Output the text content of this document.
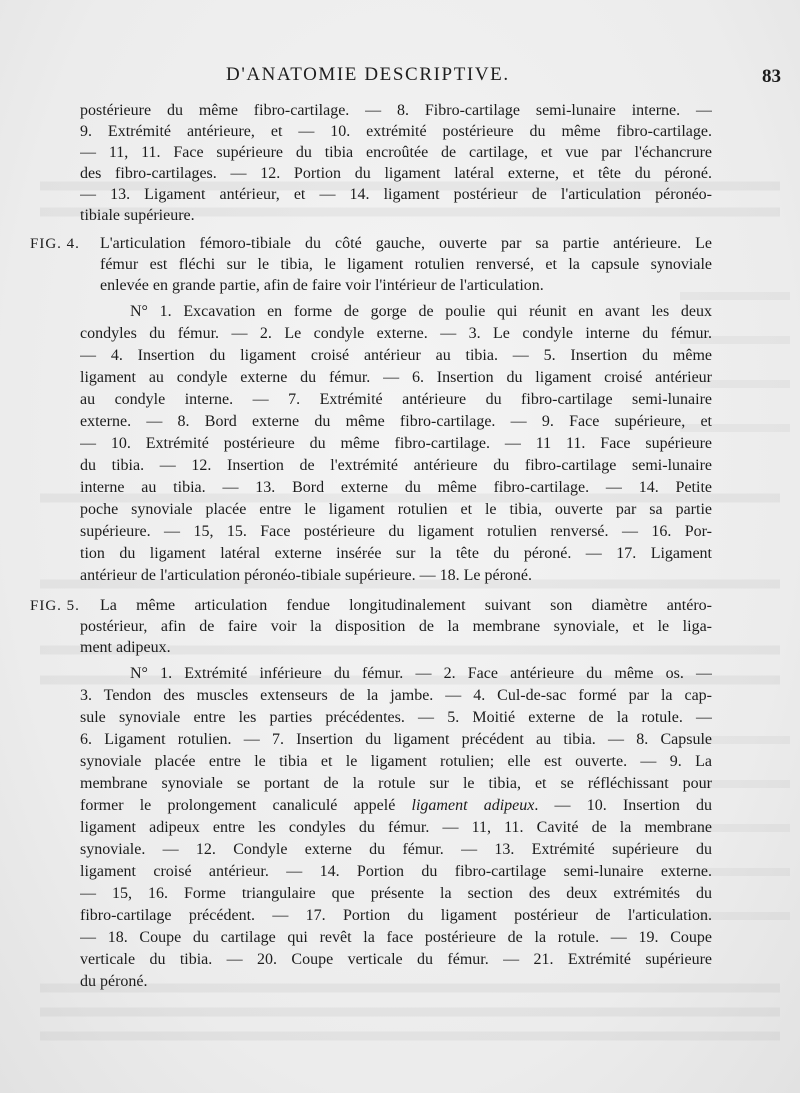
D'ANATOMIE DESCRIPTIVE.	83
postérieure du même fibro-cartilage. — 8. Fibro-cartilage semi-lunaire interne. —
9. Extrémité antérieure, et — 10. extrémité postérieure du même fibro-cartilage.
— 11, 11. Face supérieure du tibia encroûtée de cartilage, et vue par l'échancrure
des fibro-cartilages. — 12. Portion du ligament latéral externe, et tête du péroné.
— 13. Ligament antérieur, et — 14. ligament postérieur de l'articulation péronéo-
tibiale supérieure.
FIG. 4. L'articulation fémoro-tibiale du côté gauche, ouverte par sa partie antérieure. Le
fémur est fléchi sur le tibia, le ligament rotulien renversé, et la capsule synoviale
enlevée en grande partie, afin de faire voir l'intérieur de l'articulation.
N° 1. Excavation en forme de gorge de poulie qui réunit en avant les deux
condyles du fémur. — 2. Le condyle externe. — 3. Le condyle interne du fémur.
— 4. Insertion du ligament croisé antérieur au tibia. — 5. Insertion du même
ligament au condyle externe du fémur. — 6. Insertion du ligament croisé antérieur
au condyle interne. — 7. Extrémité antérieure du fibro-cartilage semi-lunaire
externe. — 8. Bord externe du même fibro-cartilage. — 9. Face supérieure, et
— 10. Extrémité postérieure du même fibro-cartilage. — 11 11. Face supérieure
du tibia. — 12. Insertion de l'extrémité antérieure du fibro-cartilage semi-lunaire
interne au tibia. — 13. Bord externe du même fibro-cartilage. — 14. Petite
poche synoviale placée entre le ligament rotulien et le tibia, ouverte par sa partie
supérieure. — 15, 15. Face postérieure du ligament rotulien renversé. — 16. Por-
tion du ligament latéral externe insérée sur la tête du péroné. — 17. Ligament
antérieur de l'articulation péronéo-tibiale supérieure. — 18. Le péroné.
FIG. 5. La même articulation fendue longitudinalement suivant son diamètre antéro-
postérieur, afin de faire voir la disposition de la membrane synoviale, et le liga-
ment adipeux.
N° 1. Extrémité inférieure du fémur. — 2. Face antérieure du même os. —
3. Tendon des muscles extenseurs de la jambe. — 4. Cul-de-sac formé par la cap-
sule synoviale entre les parties précédentes. — 5. Moitié externe de la rotule. —
6. Ligament rotulien. — 7. Insertion du ligament précédent au tibia. — 8. Capsule
synoviale placée entre le tibia et le ligament rotulien; elle est ouverte. — 9. La
membrane synoviale se portant de la rotule sur le tibia, et se réfléchissant pour
former le prolongement canaliculé appelé ligament adipeux. — 10. Insertion du
ligament adipeux entre les condyles du fémur. — 11, 11. Cavité de la membrane
synoviale. — 12. Condyle externe du fémur. — 13. Extrémité supérieure du
ligament croisé antérieur. — 14. Portion du fibro-cartilage semi-lunaire externe.
— 15, 16. Forme triangulaire que présente la section des deux extrémités du
fibro-cartilage précédent. — 17. Portion du ligament postérieur de l'articulation.
— 18. Coupe du cartilage qui revêt la face postérieure de la rotule. — 19. Coupe
verticale du tibia. — 20. Coupe verticale du fémur. — 21. Extrémité supérieure
du péroné.
